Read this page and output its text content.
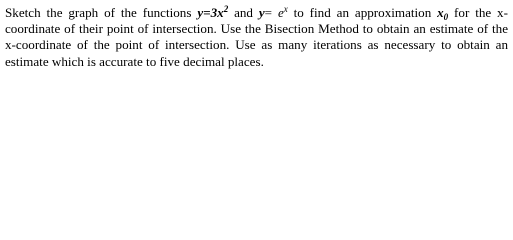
Sketch the graph of the functions $y=3x^2$ and $y= e^x$ to find an approximation $x_0$ for the x-coordinate of their point of intersection. Use the Bisection Method to obtain an estimate of the x-coordinate of the point of intersection. Use as many iterations as necessary to obtain an estimate which is accurate to five decimal places.
